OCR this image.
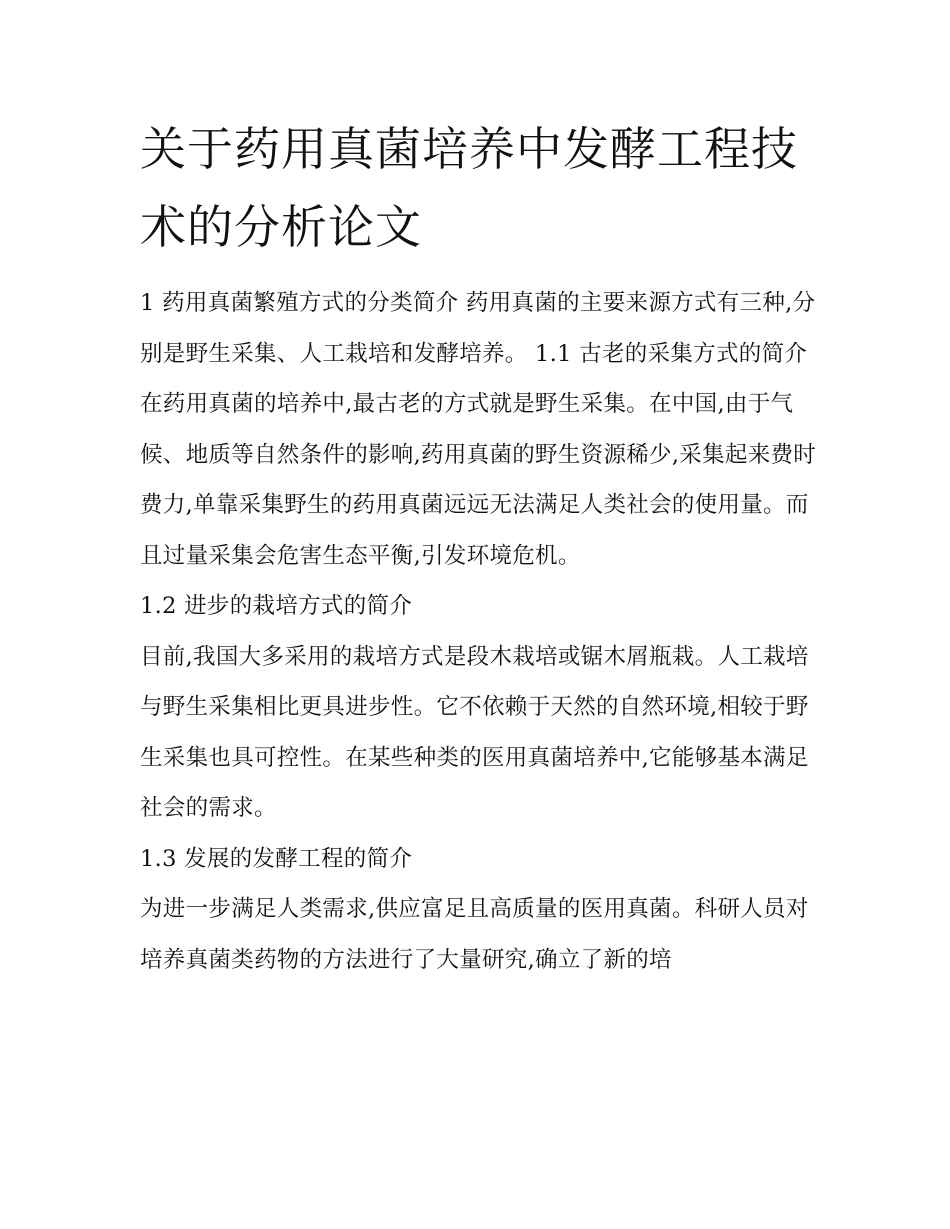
关于药用真菌培养中发酵工程技术的分析论文

1 药用真菌繁殖方式的分类简介 药用真菌的主要来源方式有三种,分别是野生采集、人工栽培和发酵培养。 1.1 古老的采集方式的简介

在药用真菌的培养中,最古老的方式就是野生采集。在中国,由于气候、地质等自然条件的影响,药用真菌的野生资源稀少,采集起来费时费力,单靠采集野生的药用真菌远远无法满足人类社会的使用量。而且过量采集会危害生态平衡,引发环境危机。

1.2 进步的栽培方式的简介

目前,我国大多采用的栽培方式是段木栽培或锯木屑瓶栽。人工栽培与野生采集相比更具进步性。它不依赖于天然的自然环境,相较于野生采集也具可控性。在某些种类的医用真菌培养中,它能够基本满足社会的需求。

1.3 发展的发酵工程的简介

为进一步满足人类需求,供应富足且高质量的医用真菌。科研人员对培养真菌类药物的方法进行了大量研究,确立了新的培
